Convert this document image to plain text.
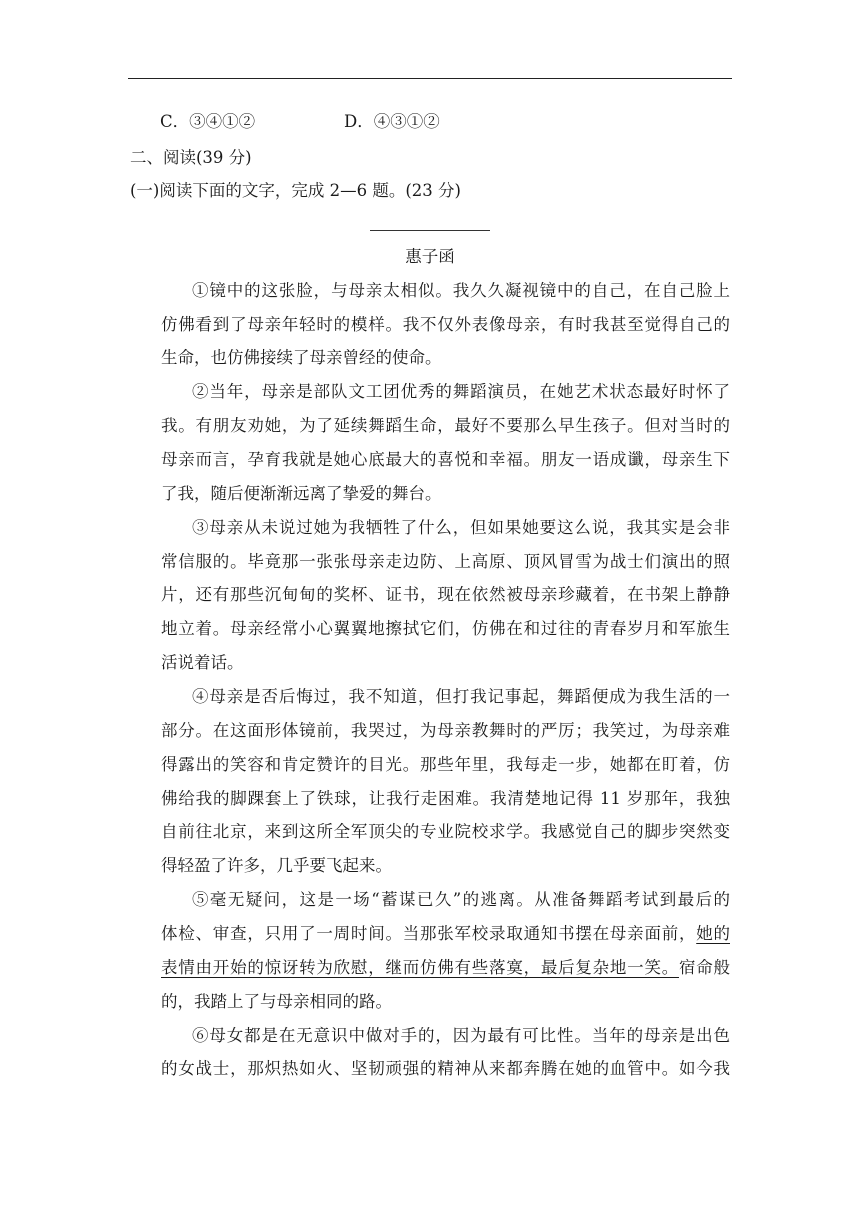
C．③④①②	D．④③①②
二、阅读(39 分)
(一)阅读下面的文字，完成 2—6 题。(23 分)
惠子函
①镜中的这张脸，与母亲太相似。我久久凝视镜中的自己，在自己脸上
仿佛看到了母亲年轻时的模样。我不仅外表像母亲，有时我甚至觉得自己的
生命，也仿佛接续了母亲曾经的使命。
②当年，母亲是部队文工团优秀的舞蹈演员，在她艺术状态最好时怀了
我。有朋友劝她，为了延续舞蹈生命，最好不要那么早生孩子。但对当时的
母亲而言，孕育我就是她心底最大的喜悦和幸福。朋友一语成谶，母亲生下
了我，随后便渐渐远离了挚爱的舞台。
③母亲从未说过她为我牺牲了什么，但如果她要这么说，我其实是会非
常信服的。毕竟那一张张母亲走边防、上高原、顶风冒雪为战士们演出的照
片，还有那些沉甸甸的奖杯、证书，现在依然被母亲珍藏着，在书架上静静
地立着。母亲经常小心翼翼地擦拭它们，仿佛在和过往的青春岁月和军旅生
活说着话。
④母亲是否后悔过，我不知道，但打我记事起，舞蹈便成为我生活的一
部分。在这面形体镜前，我哭过，为母亲教舞时的严厉；我笑过，为母亲难
得露出的笑容和肯定赞许的目光。那些年里，我每走一步，她都在盯着，仿
佛给我的脚踝套上了铁球，让我行走困难。我清楚地记得 11 岁那年，我独
自前往北京，来到这所全军顶尖的专业院校求学。我感觉自己的脚步突然变
得轻盈了许多，几乎要飞起来。
⑤毫无疑问，这是一场“蓄谋已久”的逃离。从准备舞蹈考试到最后的
体检、审查，只用了一周时间。当那张军校录取通知书摆在母亲面前，她的
表情由开始的惊讶转为欣慰，继而仿佛有些落寞，最后复杂地一笑。宿命般
的，我踏上了与母亲相同的路。
⑥母女都是在无意识中做对手的，因为最有可比性。当年的母亲是出色
的女战士，那炽热如火、坚韧顽强的精神从来都奔腾在她的血管中。如今我
